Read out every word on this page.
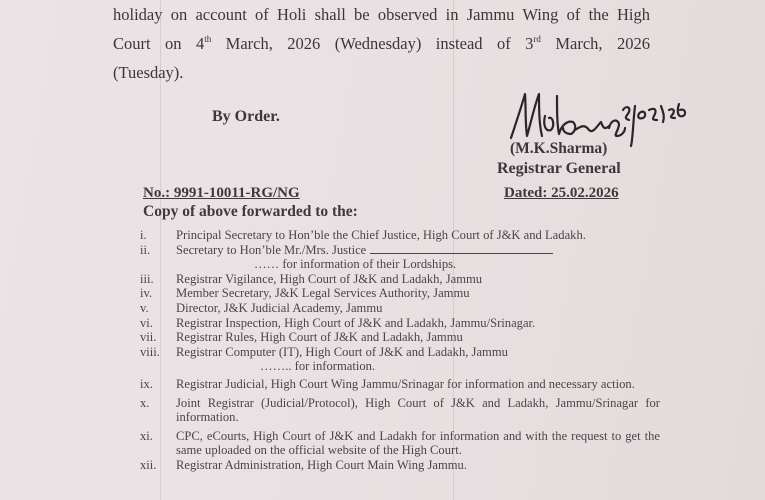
holiday on account of Holi shall be observed in Jammu Wing of the High
Court on 4th March, 2026 (Wednesday) instead of 3rd March, 2026
(Tuesday).
By Order.
(M.K.Sharma)
Registrar General
No.: 9991-10011-RG/NG	Dated: 25.02.2026
Copy of above forwarded to the:
i.	Principal Secretary to Hon’ble the Chief Justice, High Court of J&K and Ladakh.
ii.	Secretary to Hon’ble Mr./Mrs. Justice
…… for information of their Lordships.
iii.	Registrar Vigilance, High Court of J&K and Ladakh, Jammu
iv.	Member Secretary, J&K Legal Services Authority, Jammu
v.	Director, J&K Judicial Academy, Jammu
vi.	Registrar Inspection, High Court of J&K and Ladakh, Jammu/Srinagar.
vii.	Registrar Rules, High Court of J&K and Ladakh, Jammu
viii.	Registrar Computer (IT), High Court of J&K and Ladakh, Jammu
…….. for information.
ix.	Registrar Judicial, High Court Wing Jammu/Srinagar for information and necessary action.
x.	Joint Registrar (Judicial/Protocol), High Court of J&K and Ladakh, Jammu/Srinagar for information.
xi.	CPC, eCourts, High Court of J&K and Ladakh for information and with the request to get the same uploaded on the official website of the High Court.
xii.	Registrar Administration, High Court Main Wing Jammu.
